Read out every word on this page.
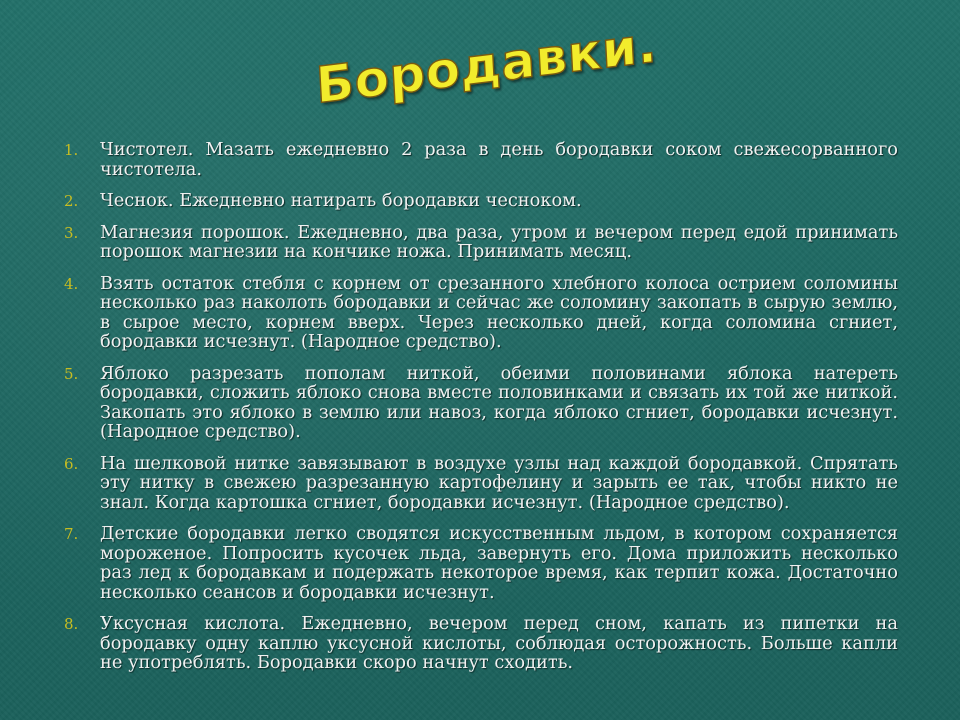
Бородавки.
1. Чистотел. Мазать ежедневно 2 раза в день бородавки соком свежесорванного чистотела.
2. Чеснок. Ежедневно натирать бородавки чесноком.
3. Магнезия порошок. Ежедневно, два раза, утром и вечером перед едой принимать порошок магнезии на кончике ножа. Принимать месяц.
4. Взять остаток стебля с корнем от срезанного хлебного колоса острием соломины несколько раз наколоть бородавки и сейчас же соломину закопать в сырую землю, в сырое место, корнем вверх. Через несколько дней, когда соломина сгниет, бородавки исчезнут. (Народное средство).
5. Яблоко разрезать пополам ниткой, обеими половинами яблока натереть бородавки, сложить яблоко снова вместе половинками и связать их той же ниткой. Закопать это яблоко в землю или навоз, когда яблоко сгниет, бородавки исчезнут. (Народное средство).
6. На шелковой нитке завязывают в воздухе узлы над каждой бородавкой. Спрятать эту нитку в свежею разрезанную картофелину и зарыть ее так, чтобы никто не знал. Когда картошка сгниет, бородавки исчезнут. (Народное средство).
7. Детские бородавки легко сводятся искусственным льдом, в котором сохраняется мороженое. Попросить кусочек льда, завернуть его. Дома приложить несколько раз лед к бородавкам и подержать некоторое время, как терпит кожа. Достаточно несколько сеансов и бородавки исчезнут.
8. Уксусная кислота. Ежедневно, вечером перед сном, капать из пипетки на бородавку одну каплю уксусной кислоты, соблюдая осторожность. Больше капли не употреблять. Бородавки скоро начнут сходить.
